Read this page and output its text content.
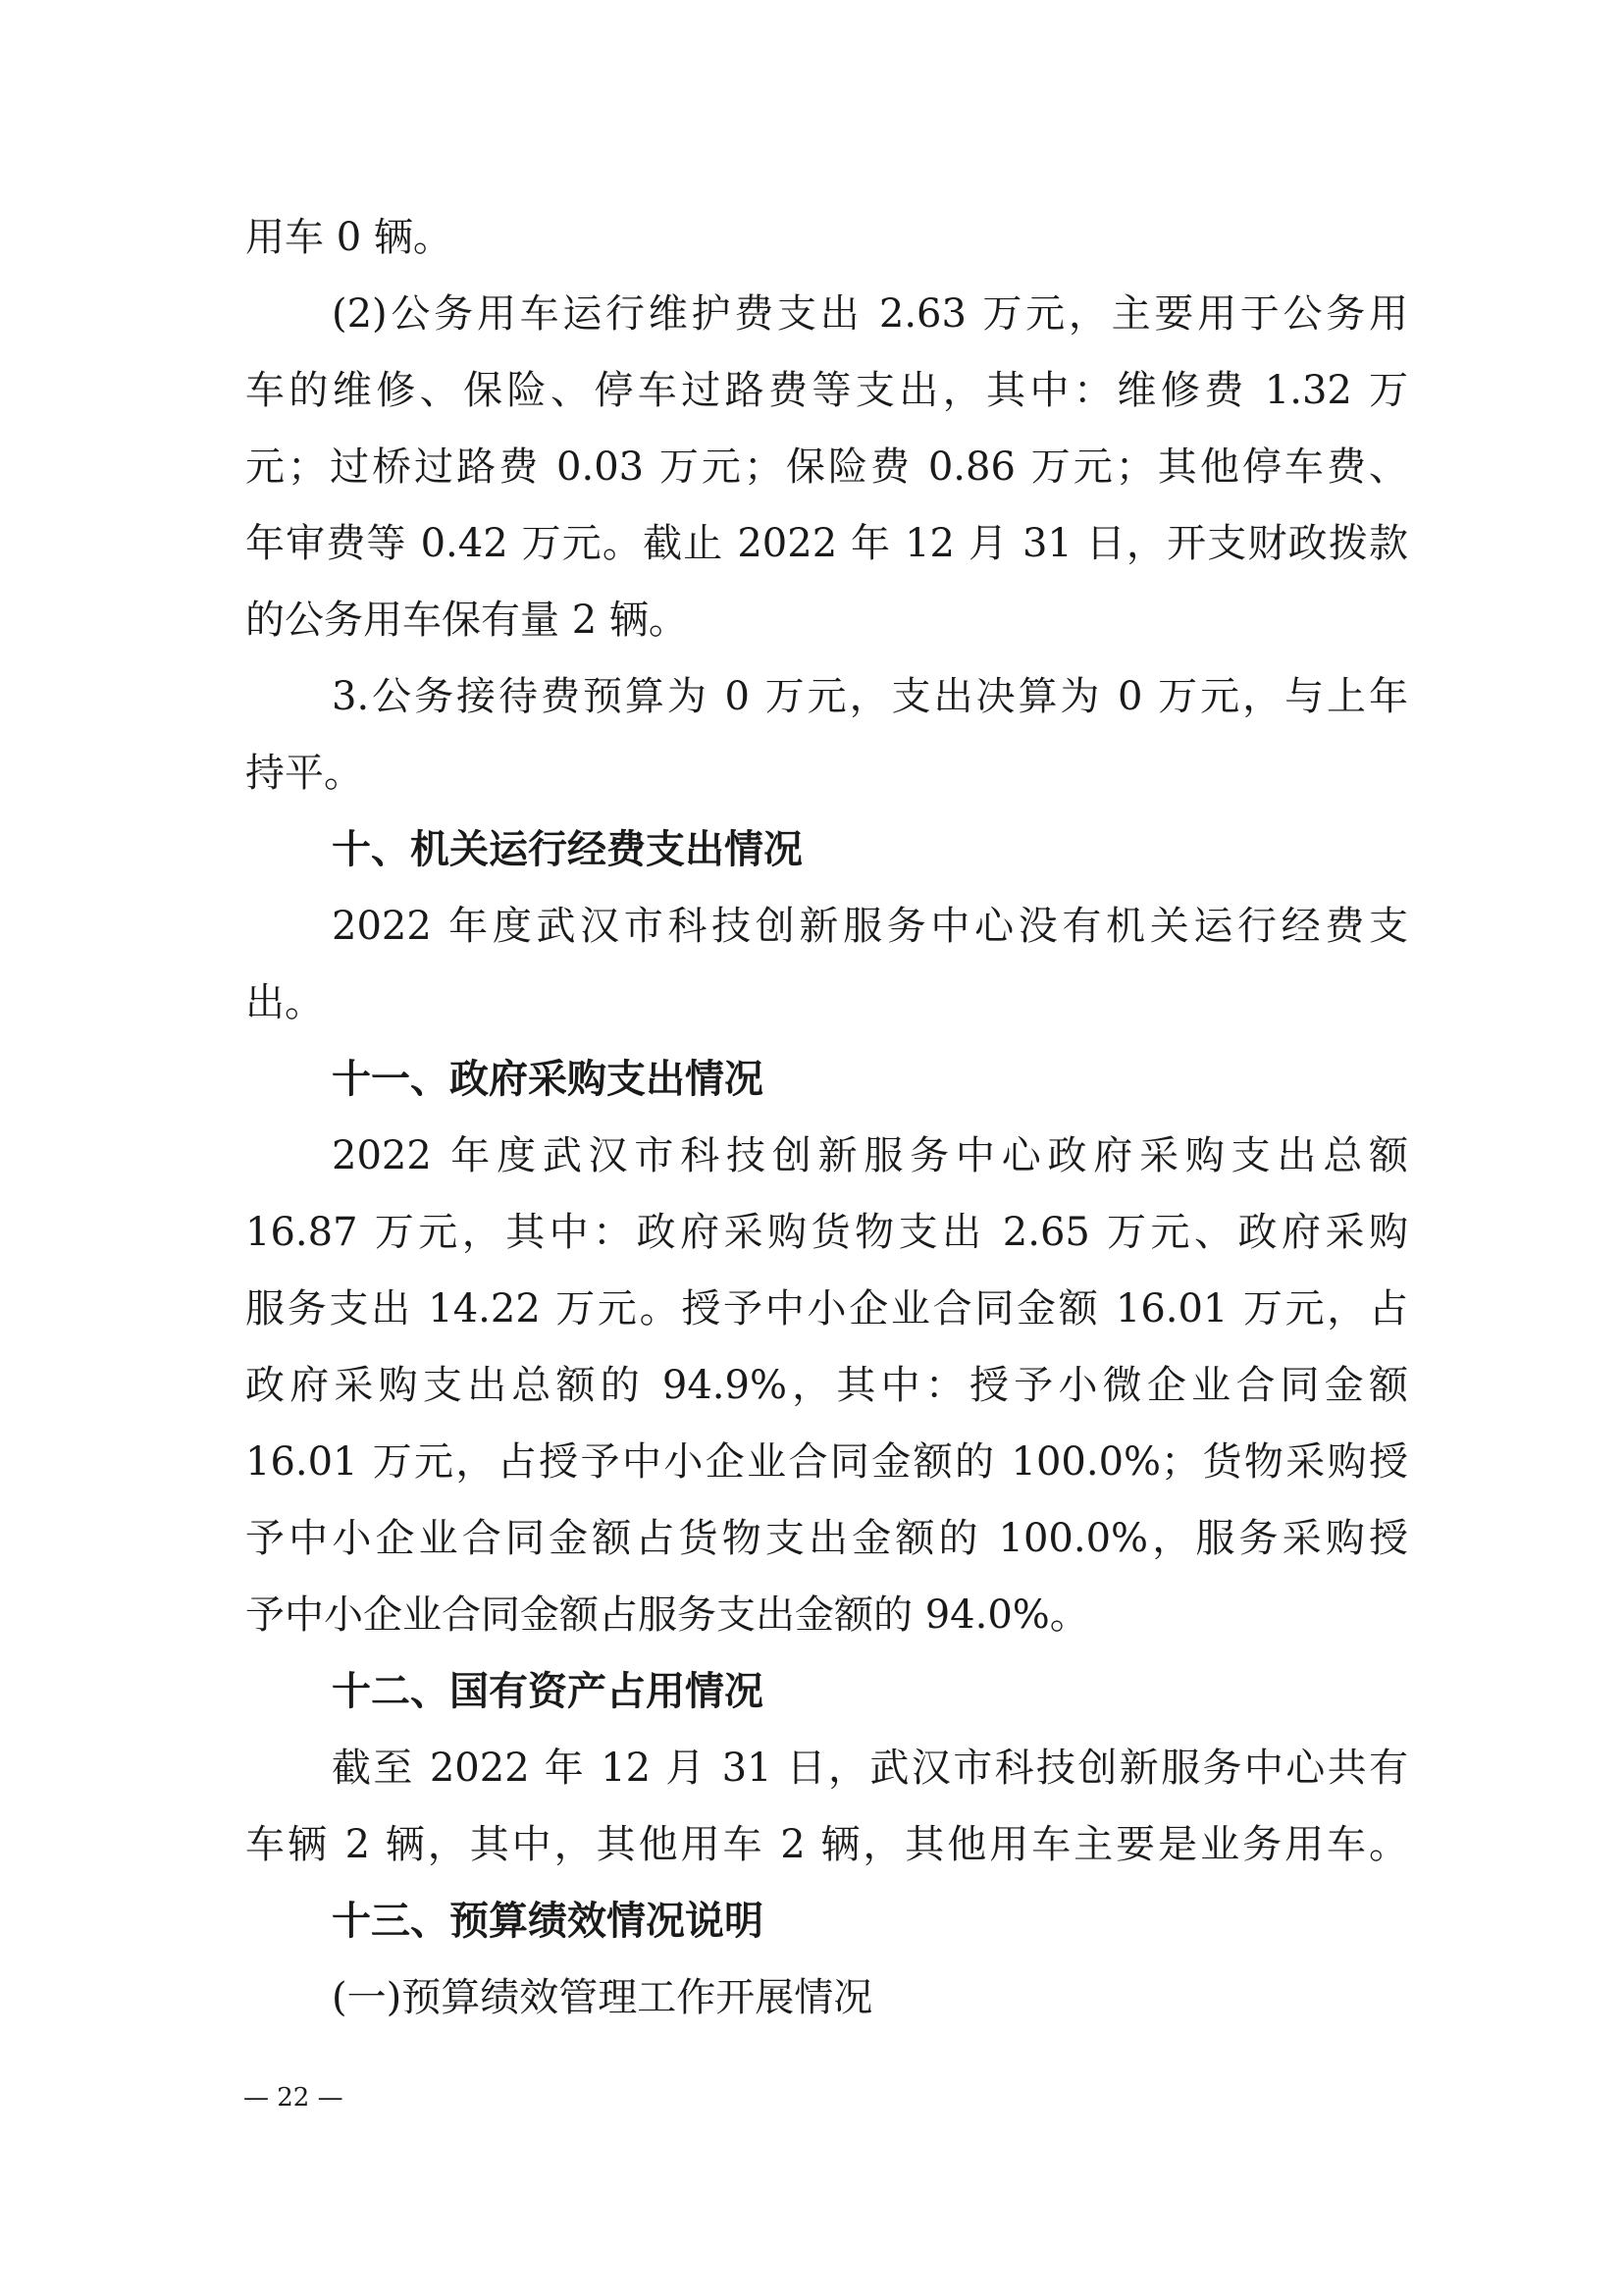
用车 0 辆。
(2)公务用车运行维护费支出 2.63 万元，主要用于公务用
车的维修、保险、停车过路费等支出，其中：维修费 1.32 万
元；过桥过路费 0.03 万元；保险费 0.86 万元；其他停车费、
年审费等 0.42 万元。截止 2022 年 12 月 31 日，开支财政拨款
的公务用车保有量 2 辆。
3.公务接待费预算为 0 万元，支出决算为 0 万元，与上年
持平。
十、机关运行经费支出情况
2022 年度武汉市科技创新服务中心没有机关运行经费支
出。
十一、政府采购支出情况
2022 年度武汉市科技创新服务中心政府采购支出总额
16.87 万元，其中：政府采购货物支出 2.65 万元、政府采购
服务支出 14.22 万元。授予中小企业合同金额 16.01 万元，占
政府采购支出总额的 94.9%，其中：授予小微企业合同金额
16.01 万元，占授予中小企业合同金额的 100.0%；货物采购授
予中小企业合同金额占货物支出金额的 100.0%，服务采购授
予中小企业合同金额占服务支出金额的 94.0%。
十二、国有资产占用情况
截至 2022 年 12 月 31 日，武汉市科技创新服务中心共有
车辆 2 辆，其中，其他用车 2 辆，其他用车主要是业务用车。
十三、预算绩效情况说明
(一)预算绩效管理工作开展情况
— 22 —
